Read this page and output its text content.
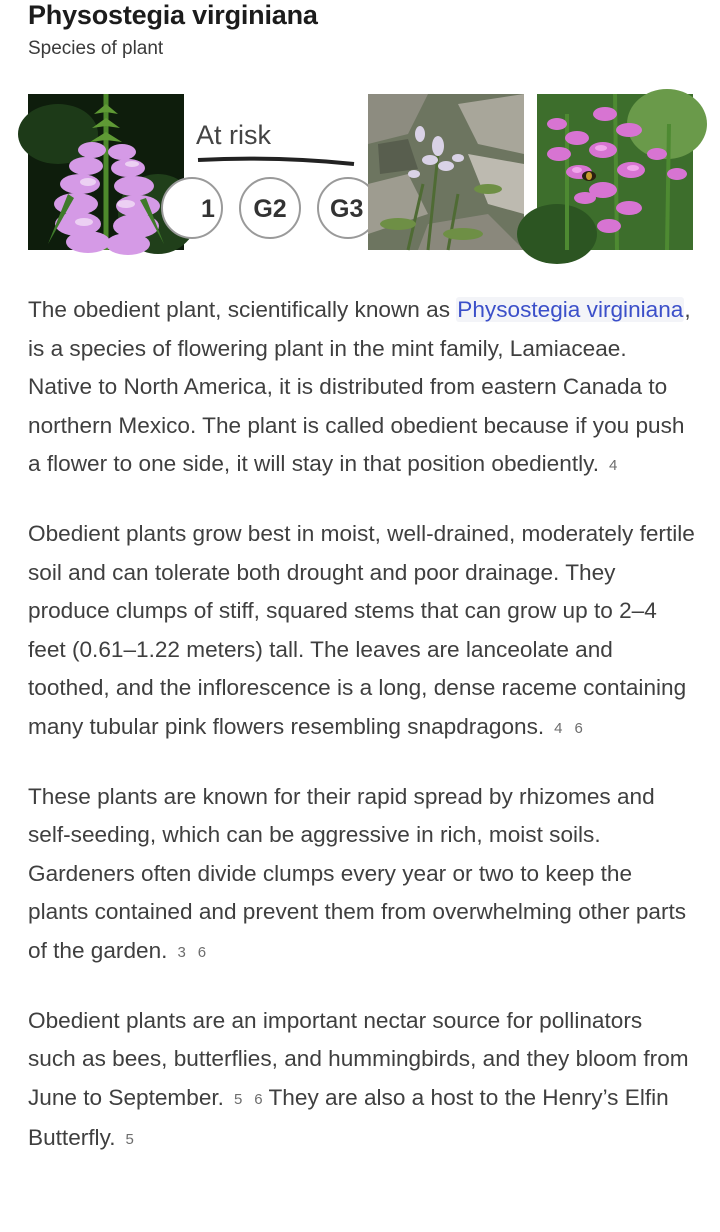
Physostegia virginiana
Species of plant
At risk
1 G2 G3

The obedient plant, scientifically known as Physostegia virginiana, is a species of flowering plant in the mint family, Lamiaceae. Native to North America, it is distributed from eastern Canada to northern Mexico. The plant is called obedient because if you push a flower to one side, it will stay in that position obediently. 4

Obedient plants grow best in moist, well-drained, moderately fertile soil and can tolerate both drought and poor drainage. They produce clumps of stiff, squared stems that can grow up to 2–4 feet (0.61–1.22 meters) tall. The leaves are lanceolate and toothed, and the inflorescence is a long, dense raceme containing many tubular pink flowers resembling snapdragons. 4 6

These plants are known for their rapid spread by rhizomes and self-seeding, which can be aggressive in rich, moist soils. Gardeners often divide clumps every year or two to keep the plants contained and prevent them from overwhelming other parts of the garden. 3 6

Obedient plants are an important nectar source for pollinators such as bees, butterflies, and hummingbirds, and they bloom from June to September. 5 6 They are also a host to the Henry’s Elfin Butterfly. 5
